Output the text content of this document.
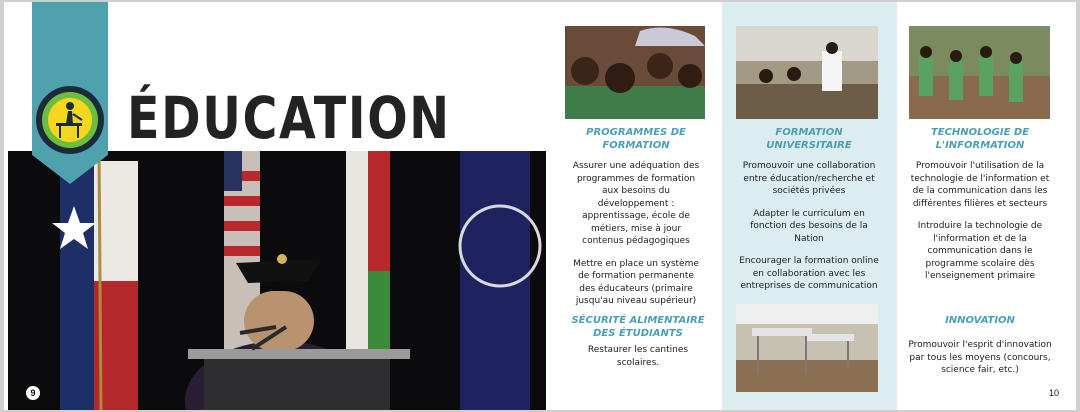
ÉDUCATION	PROGRAMMES DE FORMATION

Assurer une adéquation des programmes de formation aux besoins du développement : apprentissage, école de métiers, mise à jour contenus pédagogiques

Mettre en place un système de formation permanente des éducateurs (primaire jusqu'au niveau supérieur)

FORMATION UNIVERSITAIRE

Promouvoir une collaboration entre éducation/recherche et sociétés privées

Adapter le curriculum en fonction des besoins de la Nation

Encourager la formation online en collaboration avec les entreprises de communication

TECHNOLOGIE DE L'INFORMATION

Promouvoir l'utilisation de la technologie de l'information et de la communication dans les différentes filières et secteurs

Introduire la technologie de l'information et de la communication dans le programme scolaire dès l'enseignement primaire

SÉCURITÉ ALIMENTAIRE DES ÉTUDIANTS

Restaurer les cantines scolaires.

INNOVATION

Promouvoir l'esprit d'innovation par tous les moyens (concours, science fair, etc.)

9	10
